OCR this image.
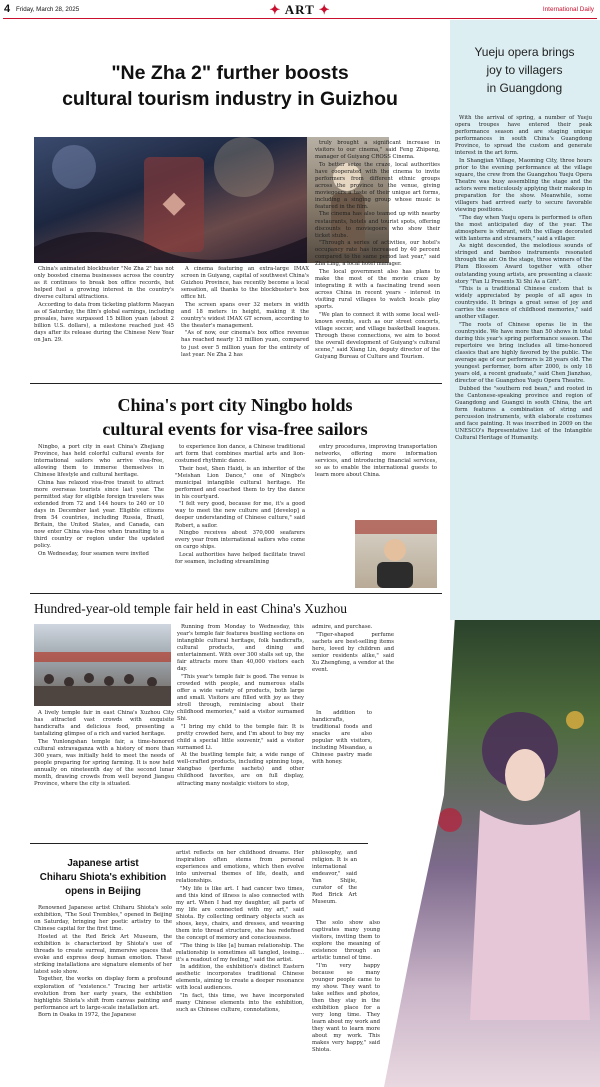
4 Friday, March 28, 2025	✦ ART ✦	International Daily
"Ne Zha 2" further boosts
cultural tourism industry in Guizhou
◆

China's animated blockbuster "Ne Zha 2" has not only boosted cinema businesses across the country as it continues to break box office records, but helped fuel a growing interest in the country's diverse cultural attractions.

According to data from ticketing platform Maoyan as of Saturday, the film's global earnings, including presales, have surpassed 15 billion yuan (about 2 billion U.S. dollars), a milestone reached just 45 days after its release during the Chinese New Year on Jan. 29.

A cinema featuring an extra-large IMAX screen in Guiyang, capital of southwest China's Guizhou Province, has recently become a local sensation, all thanks to the blockbuster's box office hit.

The screen spans over 32 meters in width and 18 meters in height, making it the country's widest IMAX GT screen, according to the theater's management.

"As of now, our cinema's box office revenue has reached nearly 13 million yuan, compared to just over 5 million yuan for the entirety of last year. Ne Zha 2 has

truly brought a significant increase in visitors to our cinema," said Feng Zhipeng, manager of Guiyang CROSS Cinema.

To better seize the craze, local authorities have cooperated with the cinema to invite performers from different ethnic groups across the province to the venue, giving moviegoers a taste of their unique art forms, including a singing group whose music is featured in the film.

The cinema has also teamed up with nearby restaurants, hotels and tourist spots, offering discounts to moviegoers who show their ticket stubs.

"Through a series of activities, our hotel's occupancy rate has increased by 40 percent compared to the same period last year," said Zha Ling, a local hotel manager.

The local government also has plans to make the most of the movie craze by integrating it with a fascinating trend seen across China in recent years - interest in visiting rural villages to watch locals play sports.

"We plan to connect it with some local well-known events, such as our street concerts, village soccer, and village basketball leagues. Through these connections, we aim to boost the overall development of Guiyang's cultural scene," said Xiang Lin, deputy director of the Guiyang Bureau of Culture and Tourism.

China's port city Ningbo holds
cultural events for visa-free sailors

Ningbo, a port city in east China's Zhejiang Province, has held colorful cultural events for international sailors who arrive visa-free, allowing them to immerse themselves in Chinese lifestyle and cultural heritage.

China has relaxed visa-free transit to attract more overseas tourists since last year. The permitted stay for eligible foreign travelers was extended from 72 and 144 hours to 240 or 10 days in December last year. Eligible citizens from 54 countries, including Russia, Brazil, Britain, the United States, and Canada, can now enter China visa-free when transiting to a third country or region under the updated policy.

On Wednesday, four seamen were invited

to experience lion dance, a Chinese traditional art form that combines martial arts and lion-costumed rhythmic dance.

Their host, Shen Haidi, is an inheritor of the "Meishan Lion Dance," one of Ningbo's municipal intangible cultural heritage. He performed and coached them to try the dance in his courtyard.

"I felt very good, because for me, it's a good way to meet the new culture and [develop] a deeper understanding of Chinese culture," said Robert, a sailor.

Ningbo receives about 370,000 seafarers every year from international sailors who come on cargo ships.

Local authorities have helped facilitate travel for seamen, including streamlining

entry procedures, improving transportation networks, offering more information services, and introducing financial services, so as to enable the international guests to learn more about China.

Hundred-year-old temple fair held in east China's Xuzhou

A lively temple fair in east China's Xuzhou City has attracted vast crowds with exquisite handicrafts and delicious food, presenting a tantalizing glimpse of a rich and varied heritage.

The Yunlongshan temple fair, a time-honored cultural extravaganza with a history of more than 300 years, was initially held to meet the needs of people preparing for spring farming. It is now held annually on nineteenth day of the second lunar month, drawing crowds from well beyond Jiangsu Province, where the city is situated.

Running from Monday to Wednesday, this year's temple fair features bustling sections on intangible cultural heritage, folk handicrafts, cultural products, and dining and entertainment. With over 300 stalls set up, the fair attracts more than 40,000 visitors each day.

"This year's temple fair is good. The venue is crowded with people, and numerous stalls offer a wide variety of products, both large and small. Visitors are filled with joy as they stroll through, reminiscing about their childhood memories," said a visitor surnamed Shi.

"I bring my child to the temple fair. It is pretty crowded here, and I'm about to buy my child a special little souvenir," said a visitor surnamed Li.

At the bustling temple fair, a wide range of well-crafted products, including spinning tops, xiangbao (perfume sachets) and other childhood favorites, are on full display, attracting many nostalgic visitors to stop,

admire, and purchase.

"Tiger-shaped perfume sachets are best-selling items here, loved by children and senior residents alike," said Xu Zhengfeng, a vendor at the event.

In addition to handicrafts, traditional foods and snacks are also popular with visitors, including Misandao, a Chinese pastry made with honey.

Japanese artist
Chiharu Shiota's exhibition
opens in Beijing

Renowned Japanese artist Chiharu Shiota's solo exhibition, "The Soul Trembles," opened in Beijing on Saturday, bringing her poetic artistry to the Chinese capital for the first time.

Hosted at the Red Brick Art Museum, the exhibition is characterized by Shiota's use of threads to create surreal, immersive spaces that evoke and express deep human emotion. These striking installations are signature elements of her latest solo show.

Together, the works on display form a profound exploration of "existence." Tracing her artistic evolution from her early years, the exhibition highlights Shiota's shift from canvas painting and performance art to large-scale installation art.

Born in Osaka in 1972, the Japanese

artist reflects on her childhood dreams. Her inspiration often stems from personal experiences and emotions, which then evolve into universal themes of life, death, and relationships.

"My life is like art. I had cancer two times, and this kind of illness is also connected with my art. When I had my daughter, all parts of my life are connected with my art," said Shiota. By collecting ordinary objects such as shoes, keys, chairs, and dresses, and weaving them into thread structure, she has redefined the concept of memory and consciousness.

"The thing is like [a] human relationship. The relationship is sometimes all tangled, losing... it's a readout of my feeling," said the artist.

In addition, the exhibition's distinct Eastern aesthetic incorporates traditional Chinese elements, aiming to create a deeper resonance with local audiences.

"In fact, this time, we have incorporated many Chinese elements into the exhibition, such as Chinese culture, connotations,

philosophy, and religion. It is an international endeavor," said Yan Shijie, curator of the Red Brick Art Museum.

The solo show also captivates many young visitors, inviting them to explore the meaning of existence through an artistic tunnel of time.

"I'm very happy because so many younger people came to my show. They want to take selfies and photos, then they stay in the exhibition place for a very long time. They learn about my work and they want to learn more about my work. This makes very happy," said Shiota.

Yueju opera brings
joy to villagers
in Guangdong

With the arrival of spring, a number of Yueju opera troupes have entered their peak performance season and are staging unique performances in south China's Guangdong Province, to spread the custom and generate interest in the art form.

In Shangjian Village, Maoming City, three hours prior to the evening performance at the village square, the crew from the Guangzhou Yueju Opera Theatre was busy assembling the stage and the actors were meticulously applying their makeup in preparation for the show. Meanwhile, some villagers had arrived early to secure favorable viewing positions.

"The day when Yueju opera is performed is often the most anticipated day of the year. The atmosphere is vibrant, with the village decorated with lanterns and streamers," said a villager.

As night descended, the melodious sounds of stringed and bamboo instruments resonated through the air. On the stage, three winners of the Plum Blossom Award together with other outstanding young artists, are presenting a classic story "Fan Li Presents Xi Shi As a Gift".

"This is a traditional Chinese custom that is widely appreciated by people of all ages in countryside. It brings a great sense of joy and carries the essence of childhood memories," said another villager.

"The roots of Chinese operas lie in the countryside. We have more than 50 shows in total during this year's spring performance season. The repertoire we bring includes all time-honored classics that are highly favored by the public. The average age of our performers is 28 years old. The youngest performer, born after 2000, is only 18 years old, a recent graduate," said Chen Jianzhao, director of the Guangzhou Yueju Opera Theatre.

Dubbed the "southern red bean," and rooted in the Cantonese-speaking province and region of Guangdong and Guangxi in south China, the art form features a combination of string and percussion instruments, with elaborate costumes and face painting. It was inscribed in 2009 on the UNESCO's Representative List of the Intangible Cultural Heritage of Humanity.
